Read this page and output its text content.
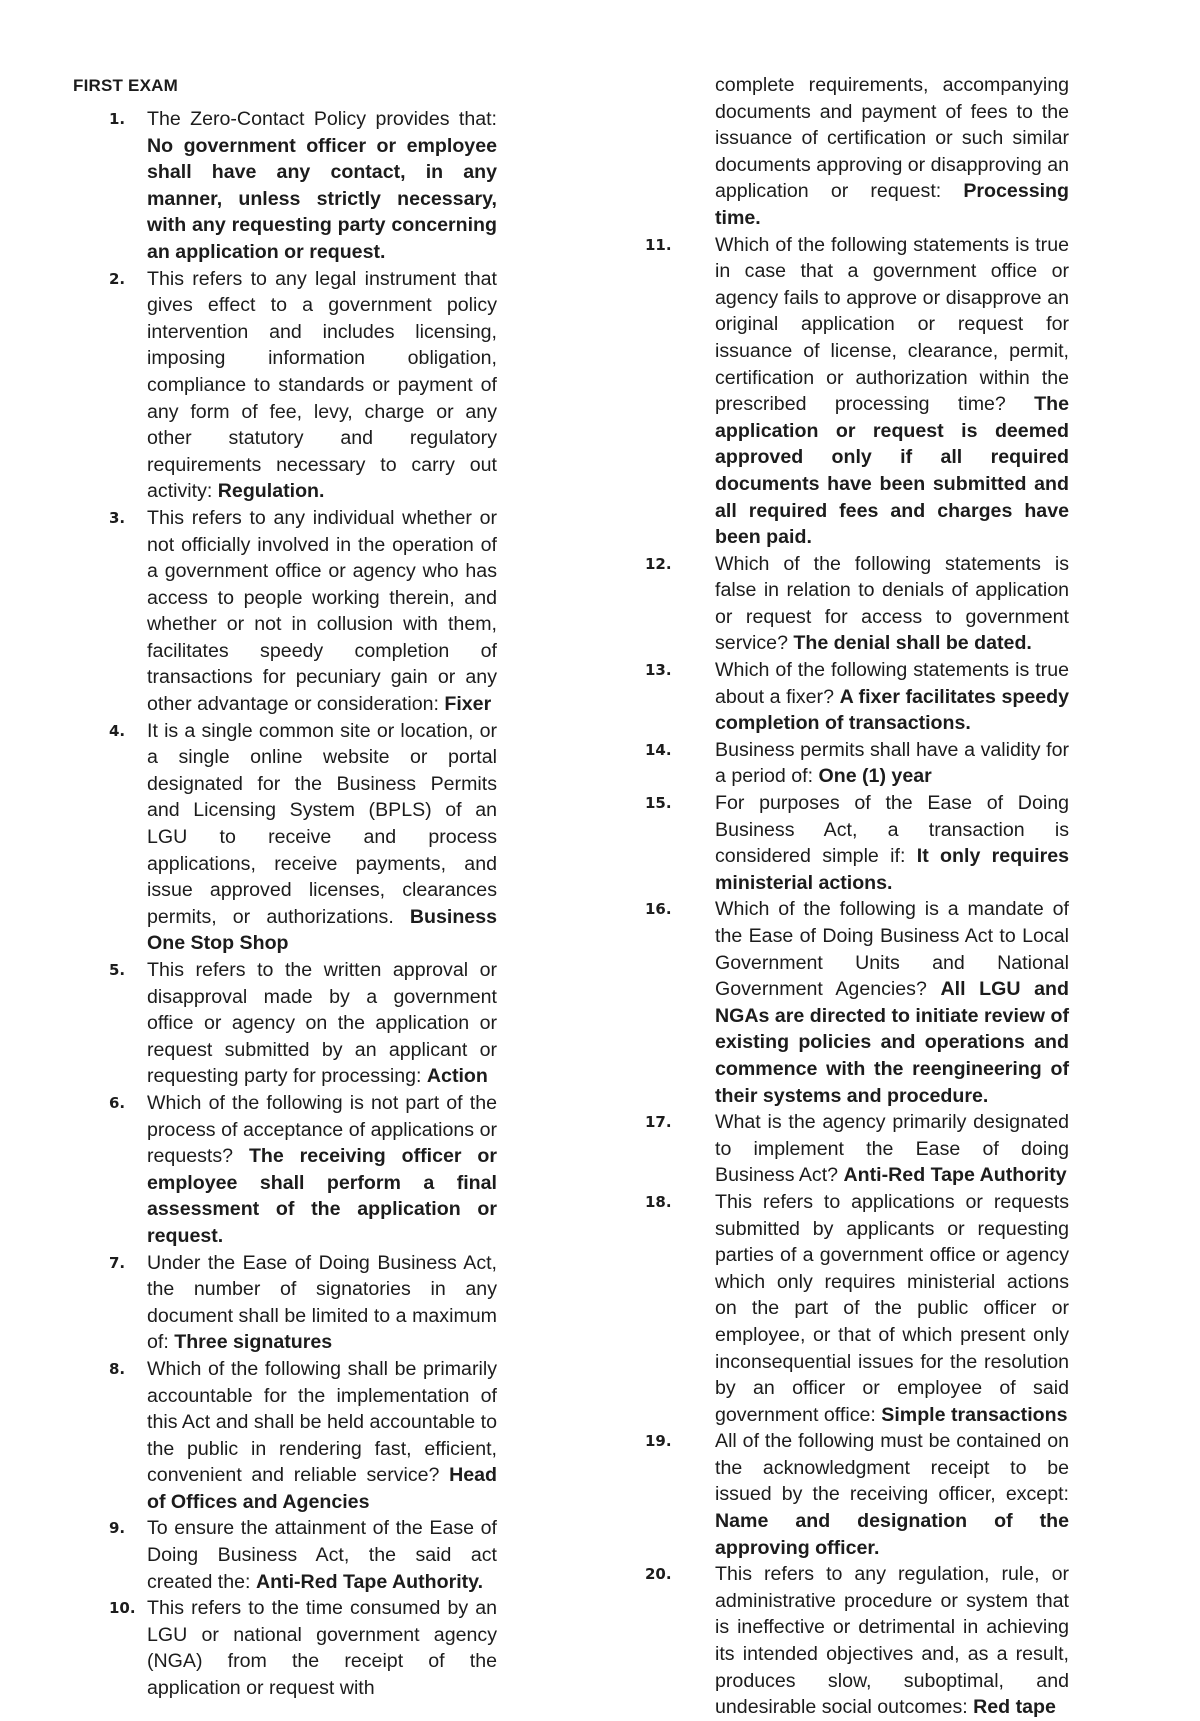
FIRST EXAM
1. The Zero-Contact Policy provides that: No government officer or employee shall have any contact, in any manner, unless strictly necessary, with any requesting party concerning an application or request.
2. This refers to any legal instrument that gives effect to a government policy intervention and includes licensing, imposing information obligation, compliance to standards or payment of any form of fee, levy, charge or any other statutory and regulatory requirements necessary to carry out activity: Regulation.
3. This refers to any individual whether or not officially involved in the operation of a government office or agency who has access to people working therein, and whether or not in collusion with them, facilitates speedy completion of transactions for pecuniary gain or any other advantage or consideration: Fixer
4. It is a single common site or location, or a single online website or portal designated for the Business Permits and Licensing System (BPLS) of an LGU to receive and process applications, receive payments, and issue approved licenses, clearances permits, or authorizations. Business One Stop Shop
5. This refers to the written approval or disapproval made by a government office or agency on the application or request submitted by an applicant or requesting party for processing: Action
6. Which of the following is not part of the process of acceptance of applications or requests? The receiving officer or employee shall perform a final assessment of the application or request.
7. Under the Ease of Doing Business Act, the number of signatories in any document shall be limited to a maximum of: Three signatures
8. Which of the following shall be primarily accountable for the implementation of this Act and shall be held accountable to the public in rendering fast, efficient, convenient and reliable service? Head of Offices and Agencies
9. To ensure the attainment of the Ease of Doing Business Act, the said act created the: Anti-Red Tape Authority.
10. This refers to the time consumed by an LGU or national government agency (NGA) from the receipt of the application or request with
complete requirements, accompanying documents and payment of fees to the issuance of certification or such similar documents approving or disapproving an application or request: Processing time.
11. Which of the following statements is true in case that a government office or agency fails to approve or disapprove an original application or request for issuance of license, clearance, permit, certification or authorization within the prescribed processing time? The application or request is deemed approved only if all required documents have been submitted and all required fees and charges have been paid.
12. Which of the following statements is false in relation to denials of application or request for access to government service? The denial shall be dated.
13. Which of the following statements is true about a fixer? A fixer facilitates speedy completion of transactions.
14. Business permits shall have a validity for a period of: One (1) year
15. For purposes of the Ease of Doing Business Act, a transaction is considered simple if: It only requires ministerial actions.
16. Which of the following is a mandate of the Ease of Doing Business Act to Local Government Units and National Government Agencies? All LGU and NGAs are directed to initiate review of existing policies and operations and commence with the reengineering of their systems and procedure.
17. What is the agency primarily designated to implement the Ease of doing Business Act? Anti-Red Tape Authority
18. This refers to applications or requests submitted by applicants or requesting parties of a government office or agency which only requires ministerial actions on the part of the public officer or employee, or that of which present only inconsequential issues for the resolution by an officer or employee of said government office: Simple transactions
19. All of the following must be contained on the acknowledgment receipt to be issued by the receiving officer, except: Name and designation of the approving officer.
20. This refers to any regulation, rule, or administrative procedure or system that is ineffective or detrimental in achieving its intended objectives and, as a result, produces slow, suboptimal, and undesirable social outcomes: Red tape
